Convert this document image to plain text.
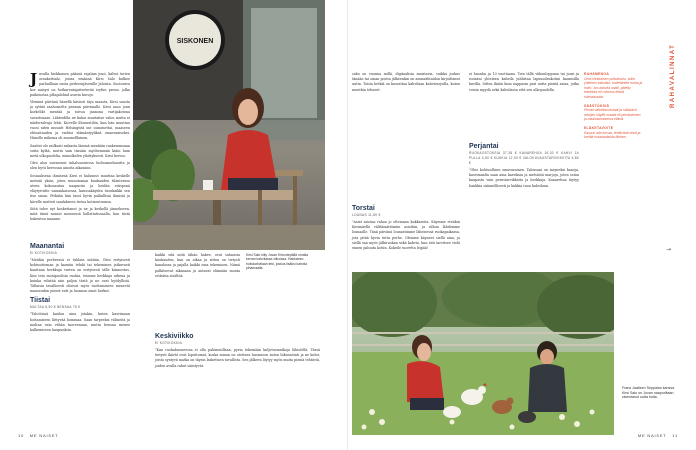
J uvalla hiekkaisen pääsuä rajalam jinoi, kalvoi torien ornakeitsalo, joissa emännä Kirsi Salo kulkee parhaillaan suota perheenjäsenille Jaloista. Suotorava kor naisyri on hotkarentajaitseterää ieyfun pronn. jolka paikenotaa plhajalohnd asuvia kuvojo.

Ylemmä päivänä hänellä kävästi täyo maasta, Kirsi suasta ja syttää raahoaselta pennun päivänallo. Kirsi anoo jonn korkelikt mentää ja toivoa jannona vartijakotona suvaitsiaaro. Lähteidilla ne kukoi muutaitse valou mutta ei näidertalvuja lehti. Kirvelle illomestilön, kun hän muuttaa vuosi niten muuntt Helsingistä ine uusomettai, maaseen ehtoaitauden ja vaihtoi elämäntyyliksä omavaraisekei. Hänelle mikoma oli muunelllainen.

Saattei olo railkasti raikasta lämmä mentään raakemmoaan sutta kylää, mutta sain tässäin myöhemmän kiäin ham metä ulkopuolelta, mimulkolen yläittyksesti. Kirsi kertoo.

Oleo alsu uuvaronut inhaluuoisessa luohoamelunutta ja olen hyvä kerrosan ainoita aikaisinn.

Sosiaalisena ihmisenä Kirsi ei halunnut muuttaa keskelle metsää yksin, joten muuutaman kuukauden tilanteessa uteen kokonautua naapuriin ja heidän eräspenä eläytyivätte samankaisessa, kanssakäyden tuoukaikki sen itse oman. Pitkään hän tasoi hyvin paikallisia ihmisiä ja kävelle mutteit saadakseen tietoa kotiseutuunsa.

Siitä tulee nyt koskettanut ja ne ja keskellä jännekseen, mitä tämä saanut mennessä hallattatissaalla, kun tästä hakeutuu maanne.

Maanantai
EI KOTIKOKKIA

"Meidän perheessä ei tuhlata mitään. Olen erityisesti kohtuuttoman ja kauniin tehdä tai tekeminen jatkuvasti kauttaan herkkuja varten on erityisesti tälle kiinnostus. Kun tein monipuolisia ruokia, teimme herkkuja arkena ja kuinka edistää niin paljon tästä ja ne ovat hyödyllisiä. Tällaisia tavallisesti olisivat myös tuottamiseen menevät maaseudun pienet erät ja luonnon omat herkut.

Tiistai
MULTAA 8,50 € BENSAA 78 €

"Talotöissä kuuluu aina jotakin, kuten kasvimaan hoitamiseen liittyvää hommaa. Saan tarpeeksi välineitä ja multaa vain vähän tuoreenaan, mutta bensaa menee kulkemiseen kaupunkiin.

SISKONEN
Kirsi Salo kiity Juvan Kirkonkylällä omalla kerran kahvilassa viikoissa. Hakkamm-hoitokahvilaan teki, joskus lisäksi kahvila pihamaalla.

kaikki sitä mitä tähän hakee, ovat sahausta kuukauden, kun on aikaa ja sitten on tietysti kanalassa ja pajalla kaikki oma tekeminen. Nämä palkitsevat aikanaan ja antavat elämään monta erilaista sisältöä.

Keskiviikko
EI KOTIKOKKIA

"Kun ruokahuoneessa ei olla pahimmillaan, pyrin tekemään kuljetusmatkoja lähistöllä. Tässä tietysti ikävät ovat loputtomat, koska minun on otettava huomioon auton liikennöinti ja ne kulut, joista syntyvä matka on täysin laskettava tavallista. Sen jälkeen löytyy myös muita pieniä tehtäviä, joiden avulla rahat säästyvät.

10 ME NAISET

sabo on vuonna millä, digitaalisia maistavia, vaikka joskus tänään tai oman postin jälkeenkin on ammattitaidon kirjoittanut uutta. Toisia hetkiä on kasvattaa kahvilaan kahvivarjoilla, kuten muutkin tehneet.

Torstai
LOUNAS 11,80 €

"Asiat asioina rahaa jo oltemaan kukkaroita. Käymme etenkin Kerimäellä välttämättömiin asioihin, ja silloin lähdemme lounaalle. Tänä päivänä lounastimme läheisessä ruokapaikassa, jota pitää hyvin tuttu perhe. Olemme käyneet siellä aina, ja siellä saa myös jälkiruokaa sekä kahvia, kun sitä tarvitsee vielä ennen paluuta kotiin. Kokeile tuoretta leipää!

ei huonhn ja 10 vuottaana. Tein tällä viikonloppuna tai juuri ja isoisäni yhteinen kahvila juhlistaa lapsuudenkotini kaunisilla kuvilla. Sitten ikään kuin nappasin pari uutta pientä asiaa, jotka voisin myydä sekä kahvilassa että sen ulkopuolella.

Perjantai
RUOKAOSTOKSIA 37,38 € KANAREHUA 16,30 € KAHVI JA PULLA 3,50 € KUKKIA 12,00 € VALOKUVAUSTARVIKKEITA 6,80 €

"Oleo kohtuullisen omavarainen. Talossani on tarpeeksi kanoja, kasvimaalta saan aina kasviksia ja metsästä marjoja, joten ostan kaupasta vain perustarvikkeita ja herkkuja. Kanarehua täytyy hankkia säännöllisesti ja kukkia tuon kahvilaan.

RAHAVALINNAT
RAHAMENOA
Oma hiekkainen polkutouhu, isäin yhteinen kahvilan, kotieläinten ruoka ja hoito. Jos kahvila vaatii, pidetty tekniikka eli rohkeus tehdä tulevaisuutta.
SÄÄSTÖKSIÄ
Pienet väliottotuntumat ja säästävä rahojen käyttö maalla eli pienituloinen ja maalaismaisema elämä.
ELÄKETAVOITE
Kasvun alla turvaa, tehtävänä etsiä ja kerätä maanantaista lähtien.
→
Frans Jaatisen Seppalan kanssa Kirsi Salo on Juvan naapuriltaan rakentanut uutta kotia.
ME NAISET 11
